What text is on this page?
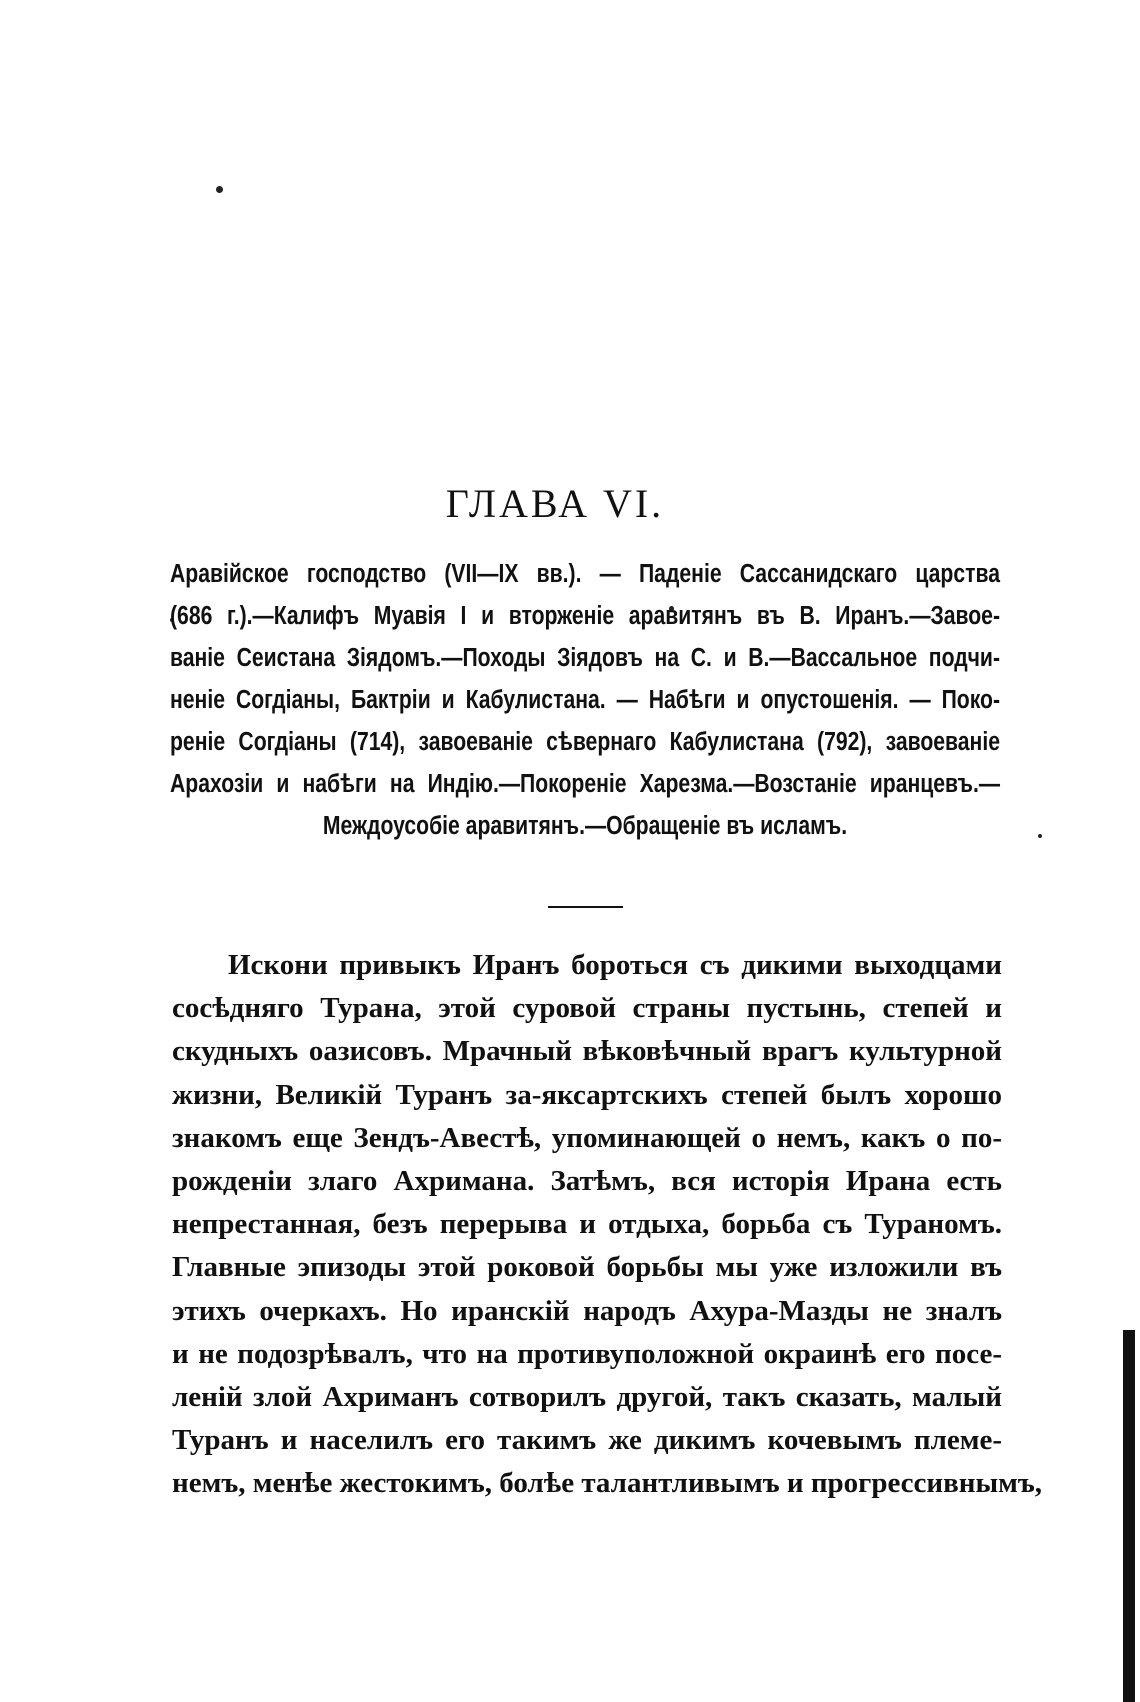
ГЛАВА VI.
Аравійское господство (VII—IX вв.). — Паденіе Сассанидскаго царства
(686 г.).—Калифъ Муавія I и вторженіе аравитянъ въ В. Иранъ.—Завое-
ваніе Сеистана Зіядомъ.—Походы Зіядовъ на С. и В.—Вассальное подчи-
неніе Согдіаны, Бактріи и Кабулистана. — Набѣги и опустошенія. — Поко-
реніе Согдіаны (714), завоеваніе сѣвернаго Кабулистана (792), завоеваніе
Арахозіи и набѣги на Индію.—Покореніе Харезма.—Возстаніе иранцевъ.—
Междоусобіе аравитянъ.—Обращеніе въ исламъ.
Искони привыкъ Иранъ бороться съ дикими выходцами
сосѣдняго Турана, этой суровой страны пустынь, степей и
скудныхъ оазисовъ. Мрачный вѣковѣчный врагъ культурной
жизни, Великій Туранъ за-яксартскихъ степей былъ хорошо
знакомъ еще Зендъ-Авестѣ, упоминающей о немъ, какъ о по-
рожденіи злаго Ахримана. Затѣмъ, вся исторія Ирана есть
непрестанная, безъ перерыва и отдыха, борьба съ Тураномъ.
Главные эпизоды этой роковой борьбы мы уже изложили въ
этихъ очеркахъ. Но иранскій народъ Ахура-Мазды не зналъ
и не подозрѣвалъ, что на противуположной окраинѣ его посе-
леній злой Ахриманъ сотворилъ другой, такъ сказать, малый
Туранъ и населилъ его такимъ же дикимъ кочевымъ племе-
немъ, менѣе жестокимъ, болѣе талантливымъ и прогрессивнымъ,
